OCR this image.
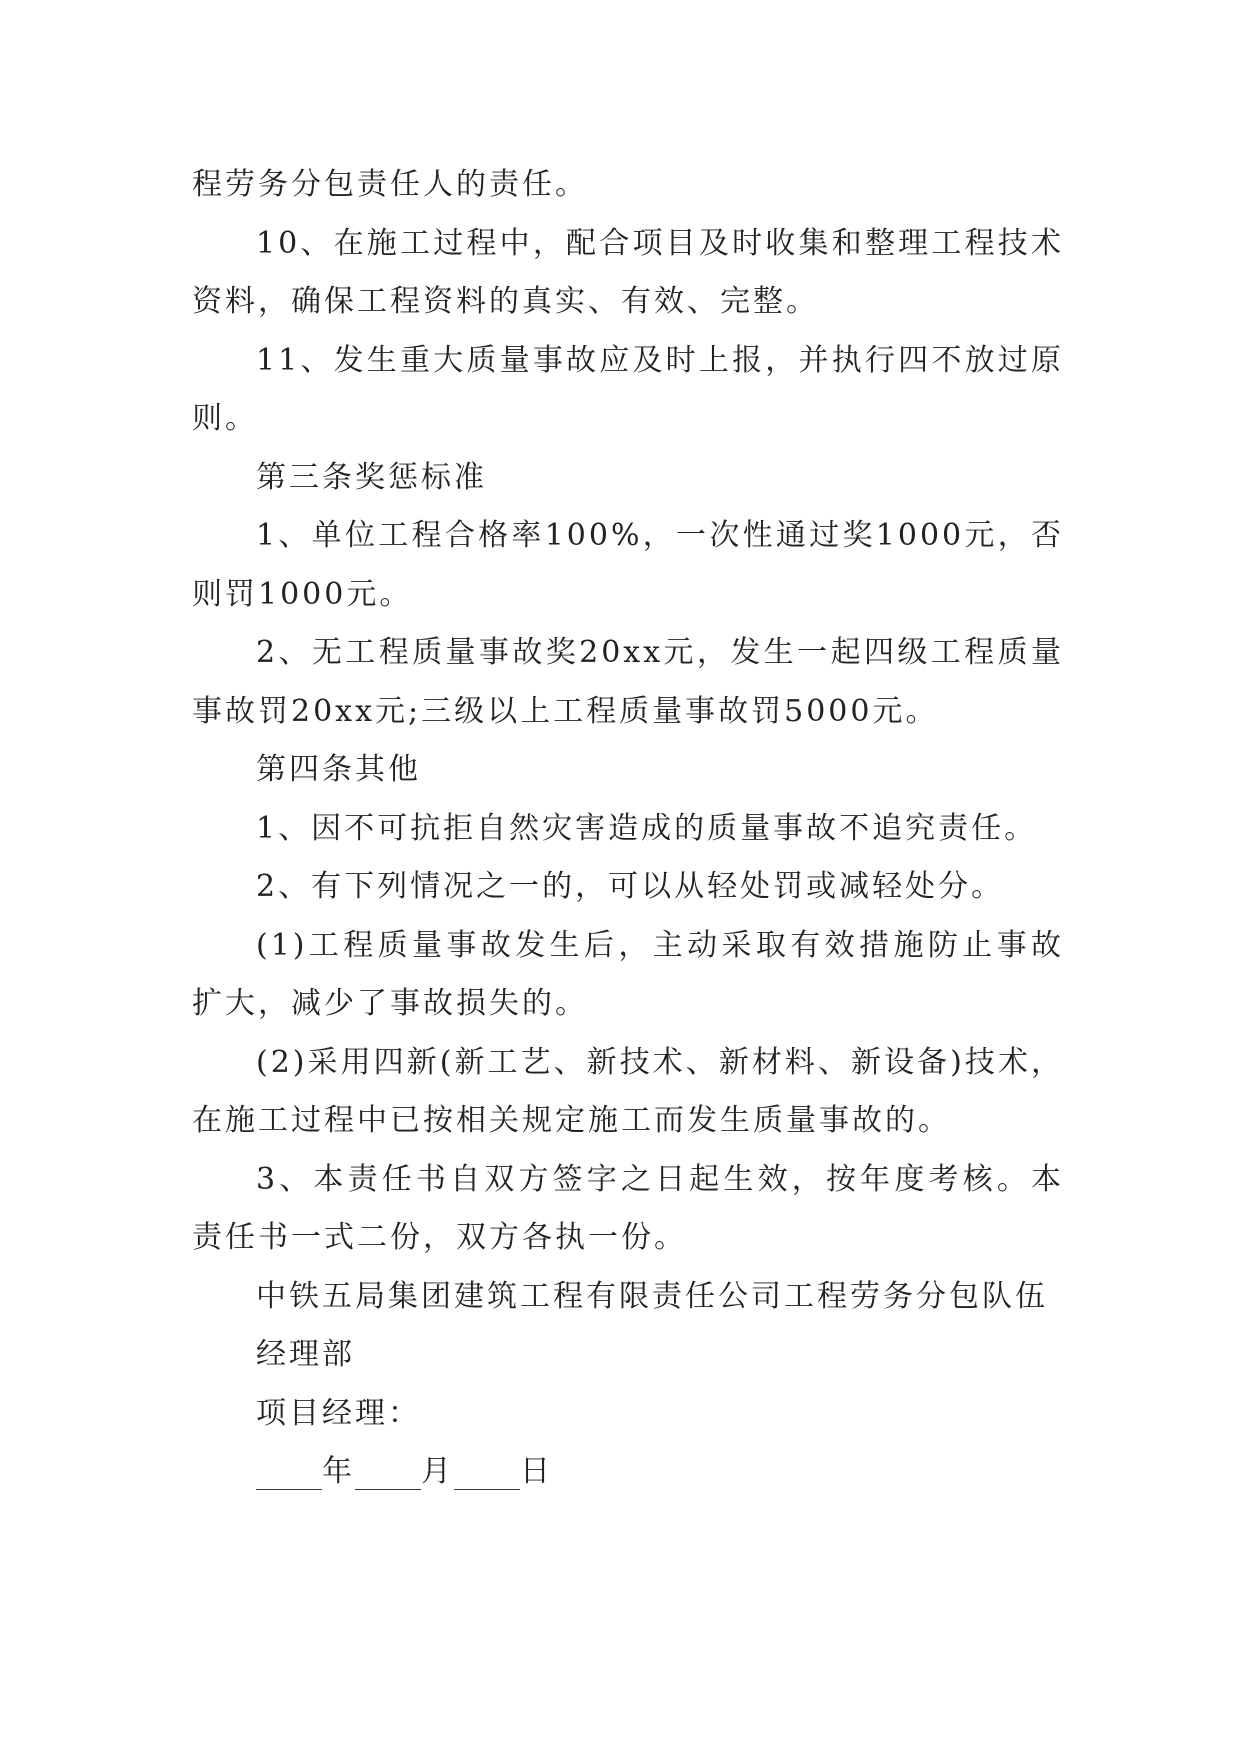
程劳务分包责任人的责任。

10、在施工过程中，配合项目及时收集和整理工程技术资料，确保工程资料的真实、有效、完整。

11、发生重大质量事故应及时上报，并执行四不放过原则。

第三条奖惩标准

1、单位工程合格率100%，一次性通过奖1000元，否则罚1000元。

2、无工程质量事故奖20xx元，发生一起四级工程质量事故罚20xx元;三级以上工程质量事故罚5000元。

第四条其他

1、因不可抗拒自然灾害造成的质量事故不追究责任。

2、有下列情况之一的，可以从轻处罚或减轻处分。

(1)工程质量事故发生后，主动采取有效措施防止事故扩大，减少了事故损失的。

(2)采用四新(新工艺、新技术、新材料、新设备)技术，在施工过程中已按相关规定施工而发生质量事故的。

3、本责任书自双方签字之日起生效，按年度考核。本责任书一式二份，双方各执一份。

中铁五局集团建筑工程有限责任公司工程劳务分包队伍

经理部

项目经理：

年 月 日
